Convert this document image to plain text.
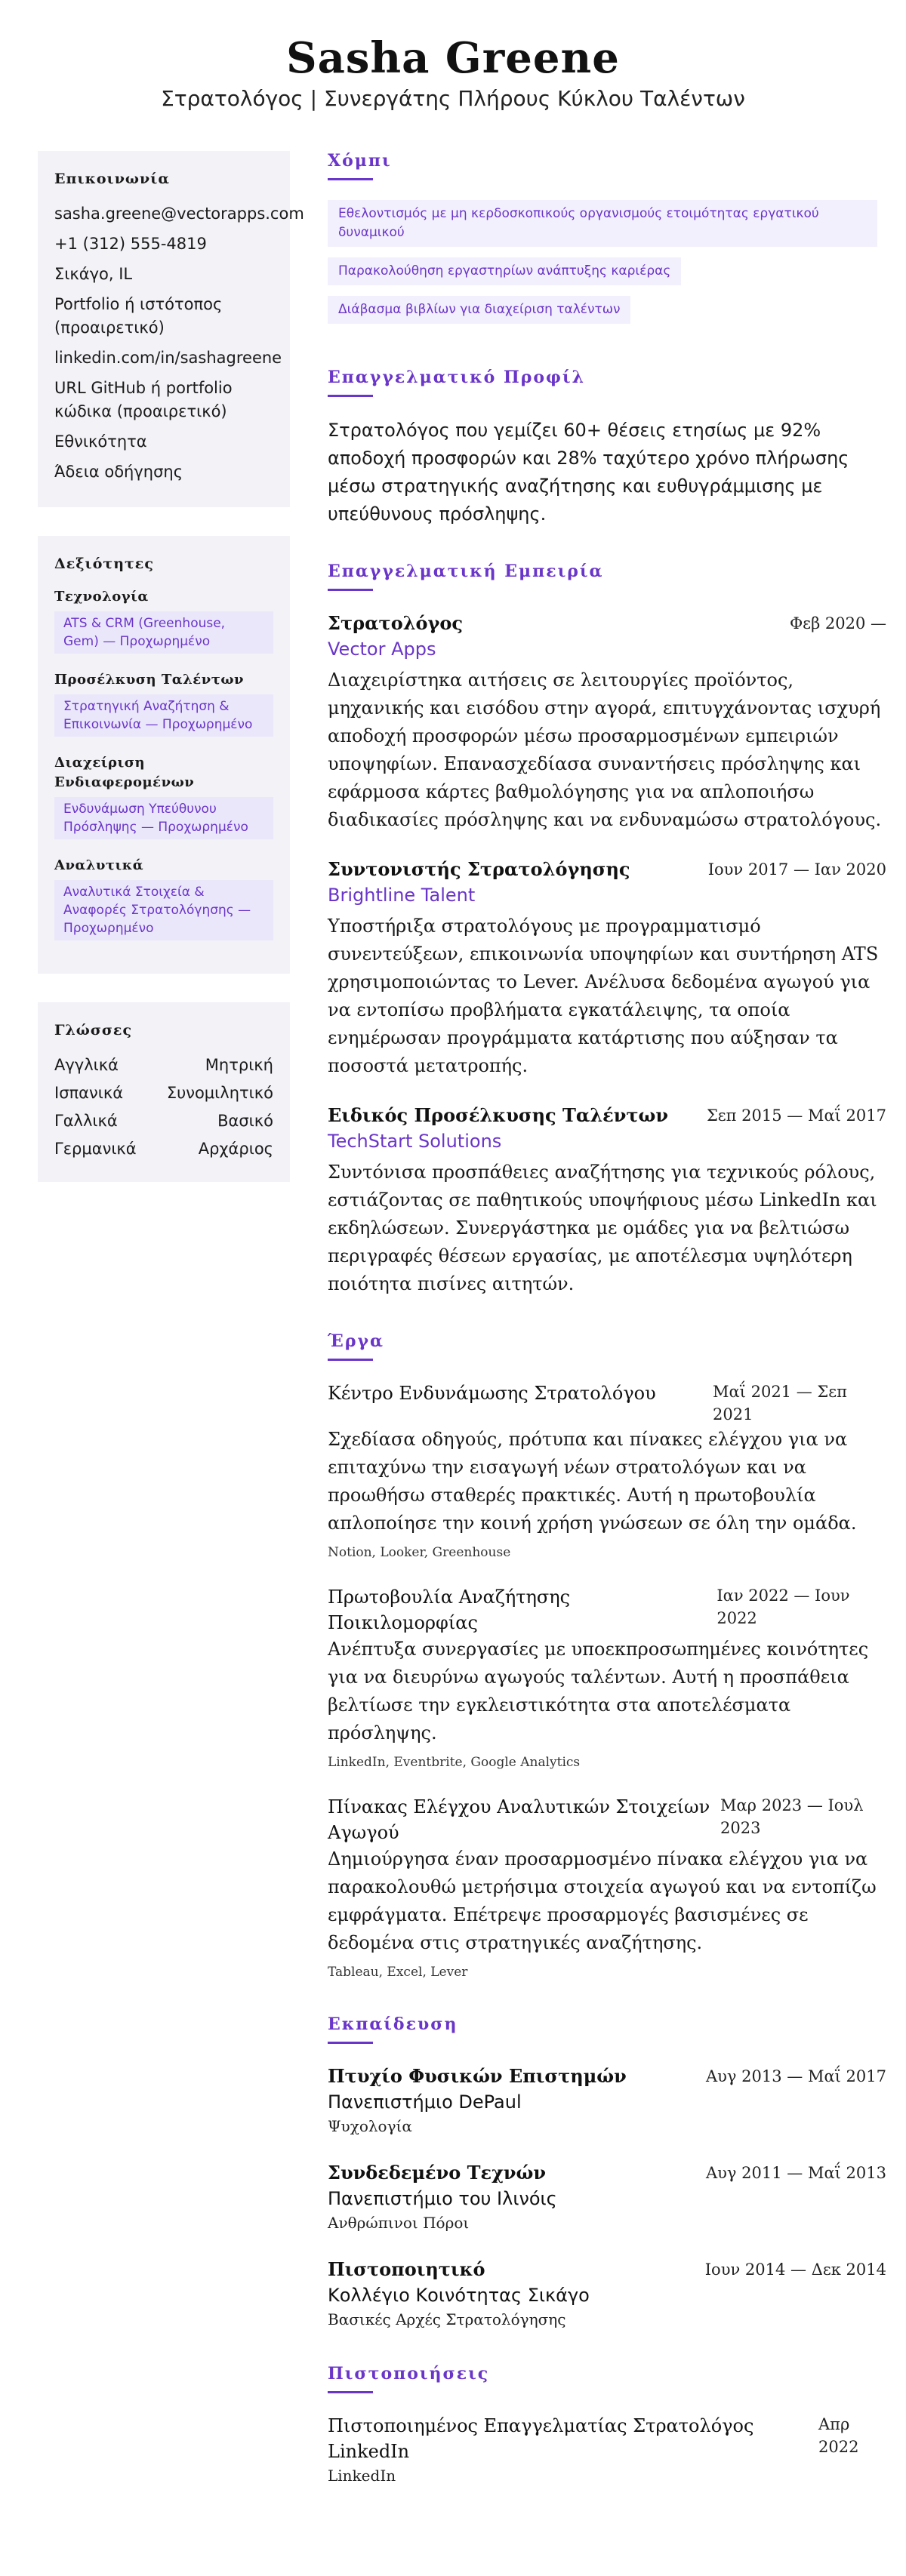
Sasha Greene
Στρατολόγος | Συνεργάτης Πλήρους Κύκλου Ταλέντων
Επικοινωνία
sasha.greene@vectorapps.com
+1 (312) 555-4819
Σικάγο, IL
Portfolio ή ιστότοπος (προαιρετικό)
linkedin.com/in/sashagreene
URL GitHub ή portfolio κώδικα (προαιρετικό)
Εθνικότητα
Άδεια οδήγησης
Δεξιότητες
Τεχνολογία
ATS & CRM (Greenhouse, Gem) — Προχωρημένο
Προσέλκυση Ταλέντων
Στρατηγική Αναζήτηση & Επικοινωνία — Προχωρημένο
Διαχείριση Ενδιαφερομένων
Ενδυνάμωση Υπεύθυνου Πρόσληψης — Προχωρημένο
Αναλυτικά
Αναλυτικά Στοιχεία & Αναφορές Στρατολόγησης — Προχωρημένο
Γλώσσες
Αγγλικά	Μητρική
Ισπανικά	Συνομιλητικό
Γαλλικά	Βασικό
Γερμανικά	Αρχάριος
Χόμπι
Εθελοντισμός με μη κερδοσκοπικούς οργανισμούς ετοιμότητας εργατικού δυναμικού
Παρακολούθηση εργαστηρίων ανάπτυξης καριέρας
Διάβασμα βιβλίων για διαχείριση ταλέντων
Επαγγελματικό Προφίλ
Στρατολόγος που γεμίζει 60+ θέσεις ετησίως με 92% αποδοχή προσφορών και 28% ταχύτερο χρόνο πλήρωσης μέσω στρατηγικής αναζήτησης και ευθυγράμμισης με υπεύθυνους πρόσληψης.
Επαγγελματική Εμπειρία
Στρατολόγος	Φεβ 2020 —
Vector Apps
Διαχειρίστηκα αιτήσεις σε λειτουργίες προϊόντος, μηχανικής και εισόδου στην αγορά, επιτυγχάνοντας ισχυρή αποδοχή προσφορών μέσω προσαρμοσμένων εμπειριών υποψηφίων. Επανασχεδίασα συναντήσεις πρόσληψης και εφάρμοσα κάρτες βαθμολόγησης για να απλοποιήσω διαδικασίες πρόσληψης και να ενδυναμώσω στρατολόγους.
Συντονιστής Στρατολόγησης	Ιουν 2017 — Ιαν 2020
Brightline Talent
Υποστήριξα στρατολόγους με προγραμματισμό συνεντεύξεων, επικοινωνία υποψηφίων και συντήρηση ATS χρησιμοποιώντας το Lever. Ανέλυσα δεδομένα αγωγού για να εντοπίσω προβλήματα εγκατάλειψης, τα οποία ενημέρωσαν προγράμματα κατάρτισης που αύξησαν τα ποσοστά μετατροπής.
Ειδικός Προσέλκυσης Ταλέντων Σεπ 2015 — Μαΐ 2017
TechStart Solutions
Συντόνισα προσπάθειες αναζήτησης για τεχνικούς ρόλους, εστιάζοντας σε παθητικούς υποψήφιους μέσω LinkedIn και εκδηλώσεων. Συνεργάστηκα με ομάδες για να βελτιώσω περιγραφές θέσεων εργασίας, με αποτέλεσμα υψηλότερη ποιότητα πισίνες αιτητών.
Έργα
Κέντρο Ενδυνάμωσης Στρατολόγου	Μαΐ 2021 — Σεπ 2021
Σχεδίασα οδηγούς, πρότυπα και πίνακες ελέγχου για να επιταχύνω την εισαγωγή νέων στρατολόγων και να προωθήσω σταθερές πρακτικές. Αυτή η πρωτοβουλία απλοποίησε την κοινή χρήση γνώσεων σε όλη την ομάδα.
Notion, Looker, Greenhouse
Πρωτοβουλία Αναζήτησης Ποικιλομορφίας
Ιαν 2022 — Ιουν 2022
Ανέπτυξα συνεργασίες με υποεκπροσωπημένες κοινότητες για να διευρύνω αγωγούς ταλέντων. Αυτή η προσπάθεια βελτίωσε την εγκλειστικότητα στα αποτελέσματα πρόσληψης.
LinkedIn, Eventbrite, Google Analytics
Πίνακας Ελέγχου Αναλυτικών Στοιχείων Αγωγού
Μαρ 2023 — Ιουλ 2023
Δημιούργησα έναν προσαρμοσμένο πίνακα ελέγχου για να παρακολουθώ μετρήσιμα στοιχεία αγωγού και να εντοπίζω εμφράγματα. Επέτρεψε προσαρμογές βασισμένες σε δεδομένα στις στρατηγικές αναζήτησης.
Tableau, Excel, Lever
Εκπαίδευση
Πτυχίο Φυσικών Επιστημών	Αυγ 2013 — Μαΐ 2017
Πανεπιστήμιο DePaul
Ψυχολογία
Συνδεδεμένο Τεχνών	Αυγ 2011 — Μαΐ 2013
Πανεπιστήμιο του Ιλινόις
Ανθρώπινοι Πόροι
Πιστοποιητικό	Ιουν 2014 — Δεκ 2014
Κολλέγιο Κοινότητας Σικάγο
Βασικές Αρχές Στρατολόγησης
Πιστοποιήσεις
Πιστοποιημένος Επαγγελματίας Στρατολόγος LinkedIn
Απρ 2022
LinkedIn
